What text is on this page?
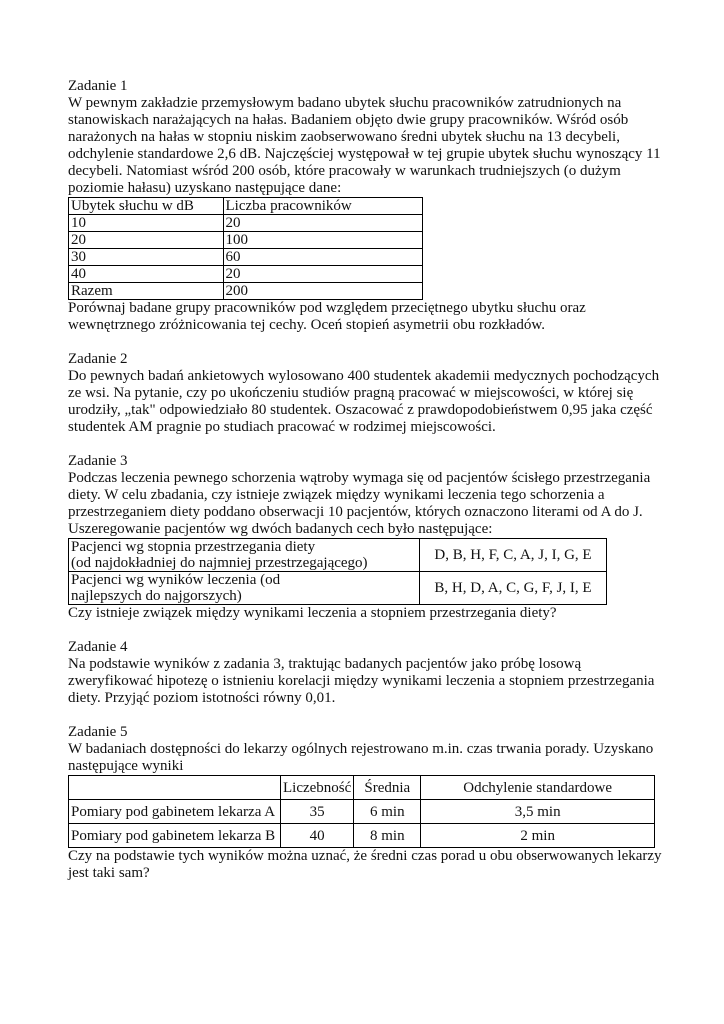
Zadanie 1

W pewnym zakładzie przemysłowym badano ubytek słuchu pracowników zatrudnionych na stanowiskach narażających na hałas. Badaniem objęto dwie grupy pracowników. Wśród osób narażonych na hałas w stopniu niskim zaobserwowano średni ubytek słuchu na 13 decybeli, odchylenie standardowe 2,6 dB. Najczęściej występował w tej grupie ubytek słuchu wynoszący 11 decybeli. Natomiast wśród 200 osób, które pracowały w warunkach trudniejszych (o dużym poziomie hałasu) uzyskano następujące dane:

Ubytek słuchu w dB	Liczba pracowników
10	20
20	100
30	60
40	20
Razem	200

Porównaj badane grupy pracowników pod względem przeciętnego ubytku słuchu oraz wewnętrznego zróżnicowania tej cechy. Oceń stopień asymetrii obu rozkładów.

Zadanie 2

Do pewnych badań ankietowych wylosowano 400 studentek akademii medycznych pochodzących ze wsi. Na pytanie, czy po ukończeniu studiów pragną pracować w miejscowości, w której się urodziły, „tak" odpowiedziało 80 studentek. Oszacować z prawdopodobieństwem 0,95 jaka część studentek AM pragnie po studiach pracować w rodzimej miejscowości.

Zadanie 3

Podczas leczenia pewnego schorzenia wątroby wymaga się od pacjentów ścisłego przestrzegania diety. W celu zbadania, czy istnieje związek między wynikami leczenia tego schorzenia a przestrzeganiem diety poddano obserwacji 10 pacjentów, których oznaczono literami od A do J. Uszeregowanie pacjentów wg dwóch badanych cech było następujące:

Pacjenci wg stopnia przestrzegania diety
(od najdokładniej do najmniej przestrzegającego)	D, B, H, F, C, A, J, I, G, E

Pacjenci wg wyników leczenia (od
najlepszych do najgorszych)	B, H, D, A, C, G, F, J, I, E

Czy istnieje związek między wynikami leczenia a stopniem przestrzegania diety?

Zadanie 4

Na podstawie wyników z zadania 3, traktując badanych pacjentów jako próbę losową zweryfikować hipotezę o istnieniu korelacji między wynikami leczenia a stopniem przestrzegania diety. Przyjąć poziom istotności równy 0,01.

Zadanie 5

W badaniach dostępności do lekarzy ogólnych rejestrowano m.in. czas trwania porady. Uzyskano następujące wyniki

	Liczebność	Średnia	Odchylenie standardowe
Pomiary pod gabinetem lekarza A	35	6 min	3,5 min
Pomiary pod gabinetem lekarza B	40	8 min	2 min

Czy na podstawie tych wyników można uznać, że średni czas porad u obu obserwowanych lekarzy jest taki sam?
